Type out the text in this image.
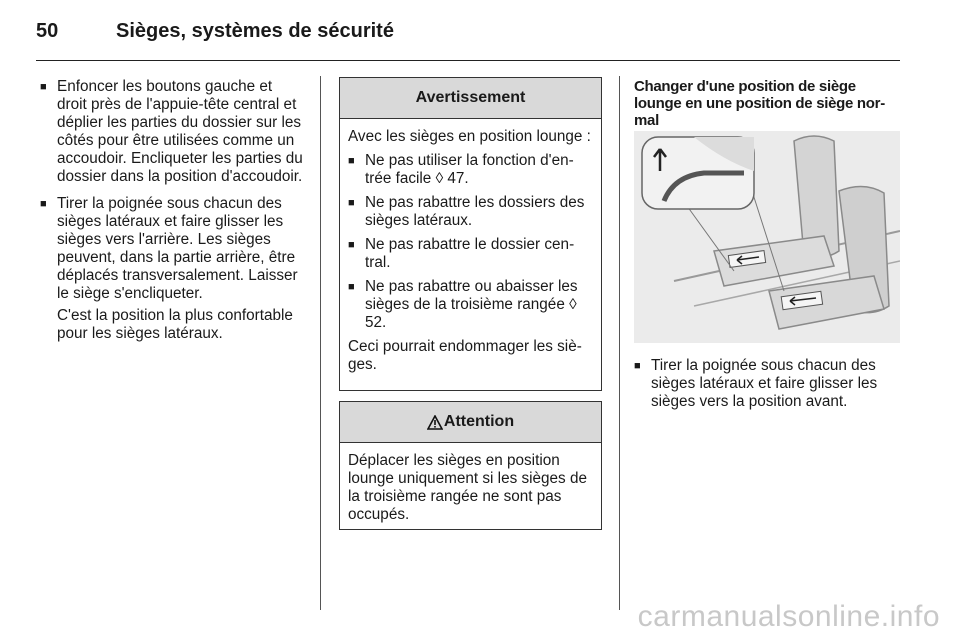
50	Sièges, systèmes de sécurité
■ Enfoncer les boutons gauche et droit près de l'appuie-tête central et déplier les parties du dossier sur les côtés pour être utilisées comme un accoudoir. Encliqueter les parties du dossier dans la position d'accoudoir.
■ Tirer la poignée sous chacun des sièges latéraux et faire glisser les sièges vers l'arrière. Les sièges peuvent, dans la partie arrière, être déplacés transversalement. Laisser le siège s'encliqueter.
C'est la position la plus confortable pour les sièges latéraux.
Avertissement

Avec les sièges en position lounge :

■ Ne pas utiliser la fonction d'entrée facile ◊ 47.
■ Ne pas rabattre les dossiers des sièges latéraux.
■ Ne pas rabattre le dossier central.
■ Ne pas rabattre ou abaisser les sièges de la troisième rangée ◊ 52.

Ceci pourrait endommager les sièges.

Attention

Déplacer les sièges en position lounge uniquement si les sièges de la troisième rangée ne sont pas occupés.

Changer d'une position de siège lounge en une position de siège normal
■ Tirer la poignée sous chacun des sièges latéraux et faire glisser les sièges vers la position avant.
carmanualsonline.info
